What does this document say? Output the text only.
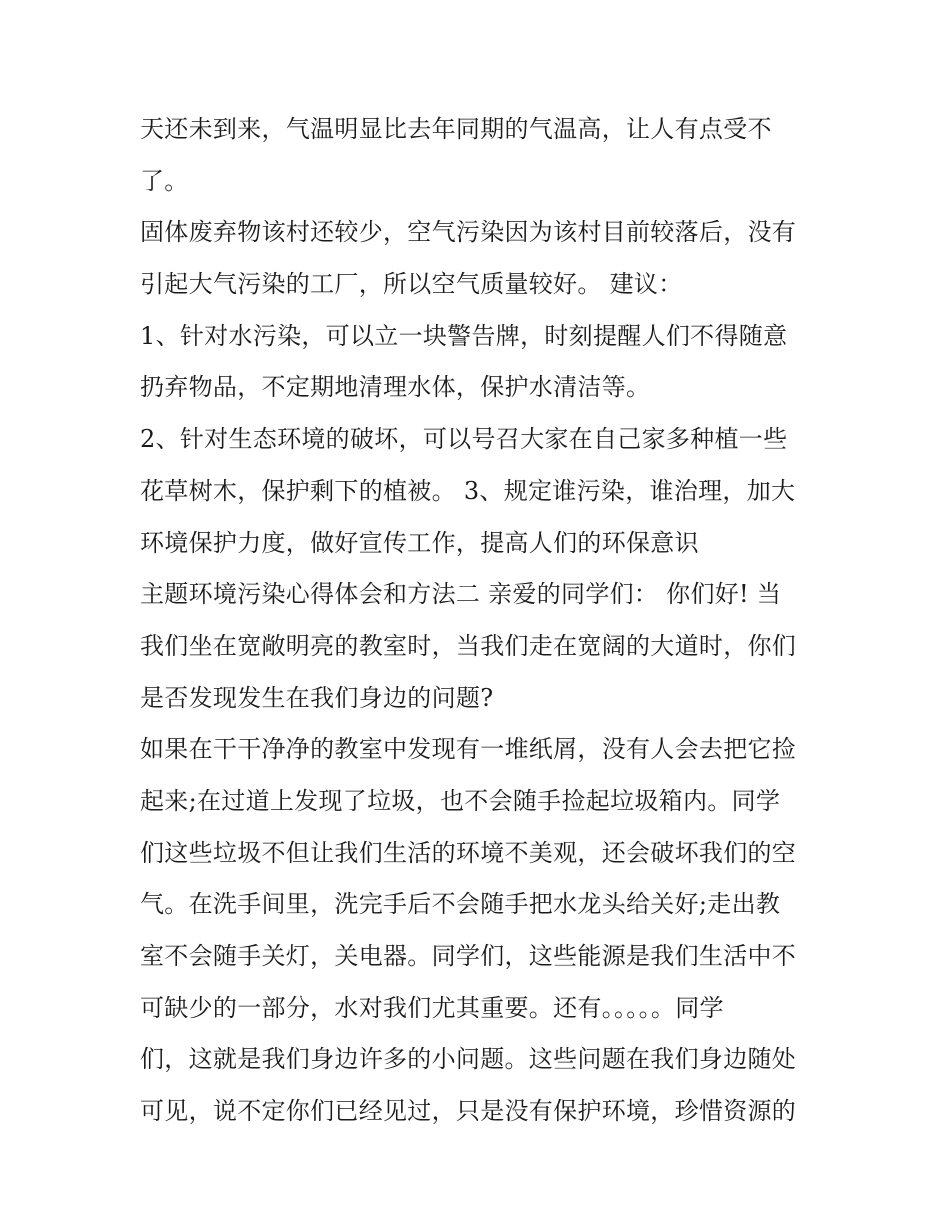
天还未到来，气温明显比去年同期的气温高，让人有点受不
了。
固体废弃物该村还较少，空气污染因为该村目前较落后，没有
引起大气污染的工厂，所以空气质量较好。 建议：
1、针对水污染，可以立一块警告牌，时刻提醒人们不得随意
扔弃物品，不定期地清理水体，保护水清洁等。
2、针对生态环境的破坏，可以号召大家在自己家多种植一些
花草树木，保护剩下的植被。 3、规定谁污染，谁治理，加大
环境保护力度，做好宣传工作，提高人们的环保意识
主题环境污染心得体会和方法二 亲爱的同学们： 你们好! 当
我们坐在宽敞明亮的教室时，当我们走在宽阔的大道时，你们
是否发现发生在我们身边的问题?
如果在干干净净的教室中发现有一堆纸屑，没有人会去把它捡
起来;在过道上发现了垃圾，也不会随手捡起垃圾箱内。同学
们这些垃圾不但让我们生活的环境不美观，还会破坏我们的空
气。在洗手间里，洗完手后不会随手把水龙头给关好;走出教
室不会随手关灯，关电器。同学们，这些能源是我们生活中不
可缺少的一部分，水对我们尤其重要。还有。。。。。同学
们，这就是我们身边许多的小问题。这些问题在我们身边随处
可见，说不定你们已经见过，只是没有保护环境，珍惜资源的
